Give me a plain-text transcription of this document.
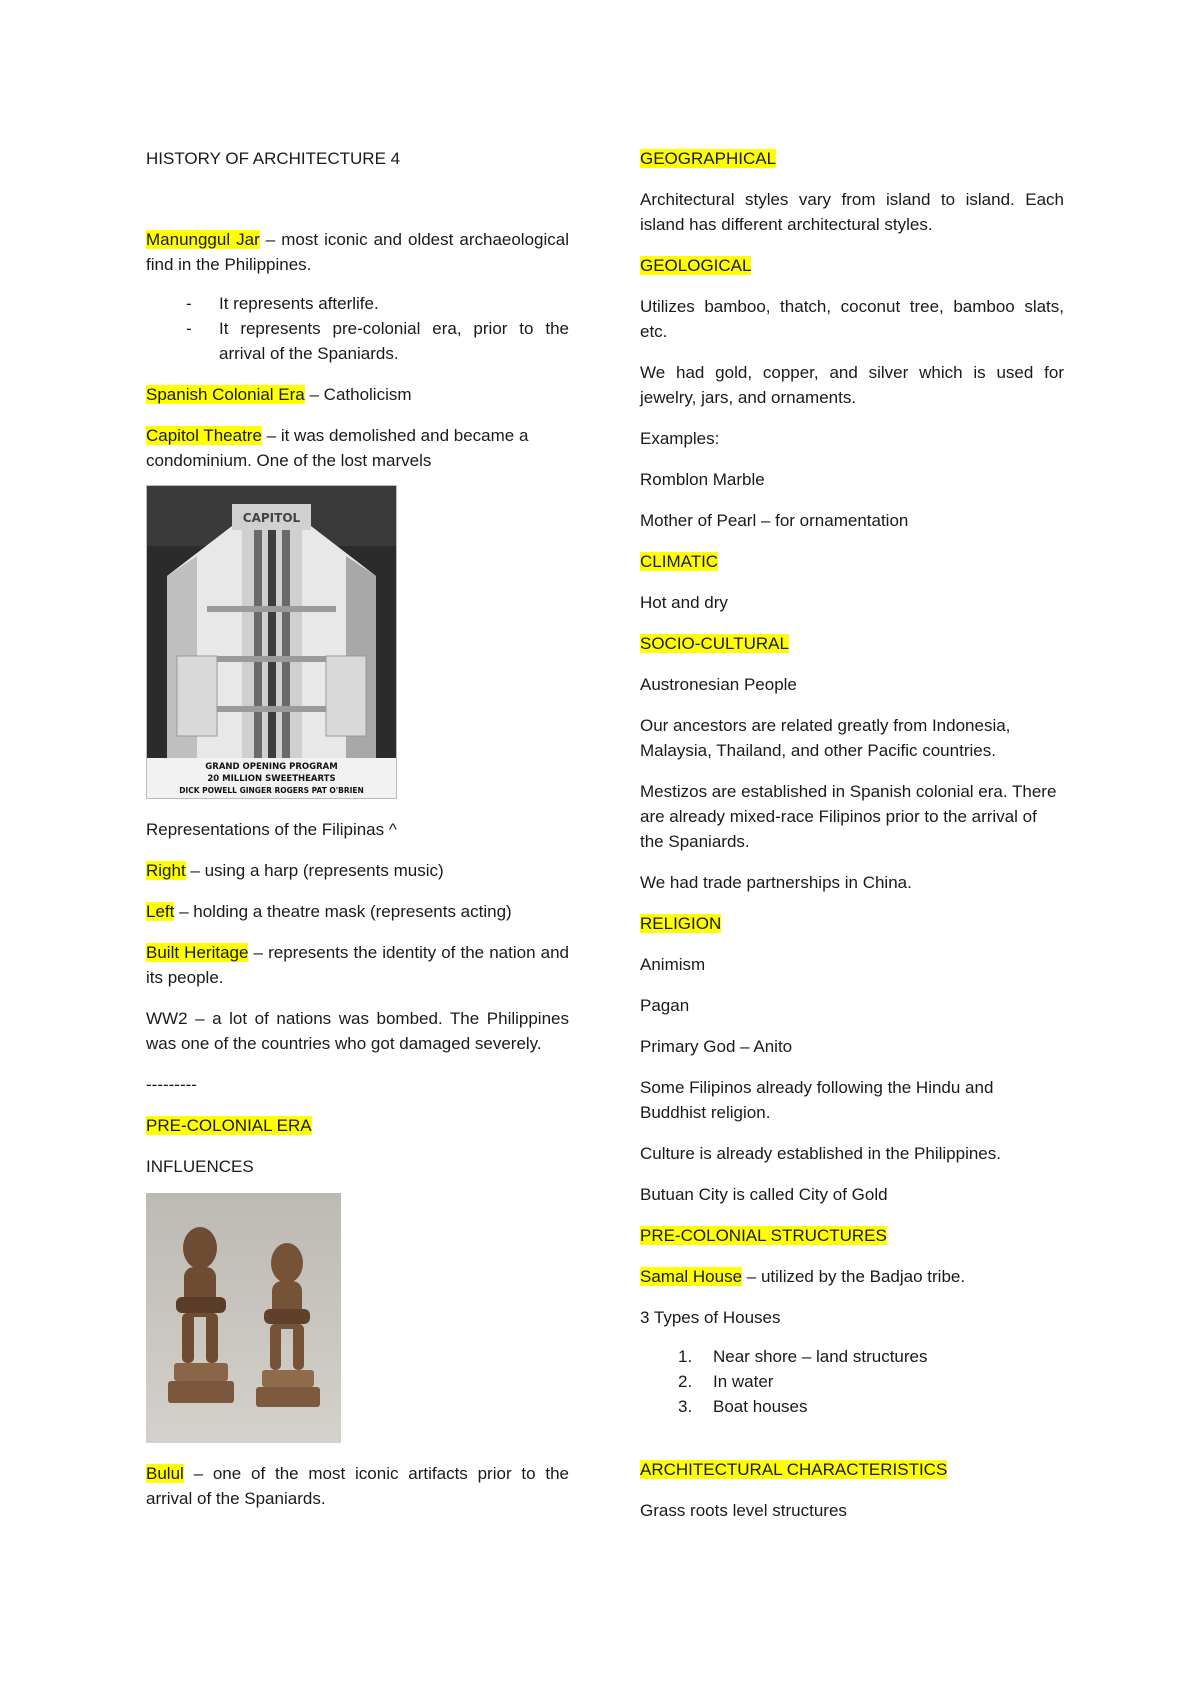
HISTORY OF ARCHITECTURE 4

Manunggul Jar – most iconic and oldest archaeological find in the Philippines.

- It represents afterlife.
- It represents pre-colonial era, prior to the arrival of the Spaniards.

Spanish Colonial Era – Catholicism

Capitol Theatre – it was demolished and became a condominium. One of the lost marvels

CAPITOL
GRAND OPENING PROGRAM
20 MILLION SWEETHEARTS
DICK POWELL GINGER ROGERS PAT O'BRIEN

Representations of the Filipinas ^

Right – using a harp (represents music)

Left – holding a theatre mask (represents acting)

Built Heritage – represents the identity of the nation and its people.

WW2 – a lot of nations was bombed. The Philippines was one of the countries who got damaged severely.

---------

PRE-COLONIAL ERA

INFLUENCES

Bulul – one of the most iconic artifacts prior to the arrival of the Spaniards.

GEOGRAPHICAL

Architectural styles vary from island to island. Each island has different architectural styles.

GEOLOGICAL

Utilizes bamboo, thatch, coconut tree, bamboo slats, etc.

We had gold, copper, and silver which is used for jewelry, jars, and ornaments.

Examples:

Romblon Marble

Mother of Pearl – for ornamentation

CLIMATIC

Hot and dry

SOCIO-CULTURAL

Austronesian People

Our ancestors are related greatly from Indonesia, Malaysia, Thailand, and other Pacific countries.

Mestizos are established in Spanish colonial era. There are already mixed-race Filipinos prior to the arrival of the Spaniards.

We had trade partnerships in China.

RELIGION

Animism

Pagan

Primary God – Anito

Some Filipinos already following the Hindu and Buddhist religion.

Culture is already established in the Philippines.

Butuan City is called City of Gold

PRE-COLONIAL STRUCTURES

Samal House – utilized by the Badjao tribe.

3 Types of Houses

1. Near shore – land structures
2. In water
3. Boat houses

ARCHITECTURAL CHARACTERISTICS

Grass roots level structures
